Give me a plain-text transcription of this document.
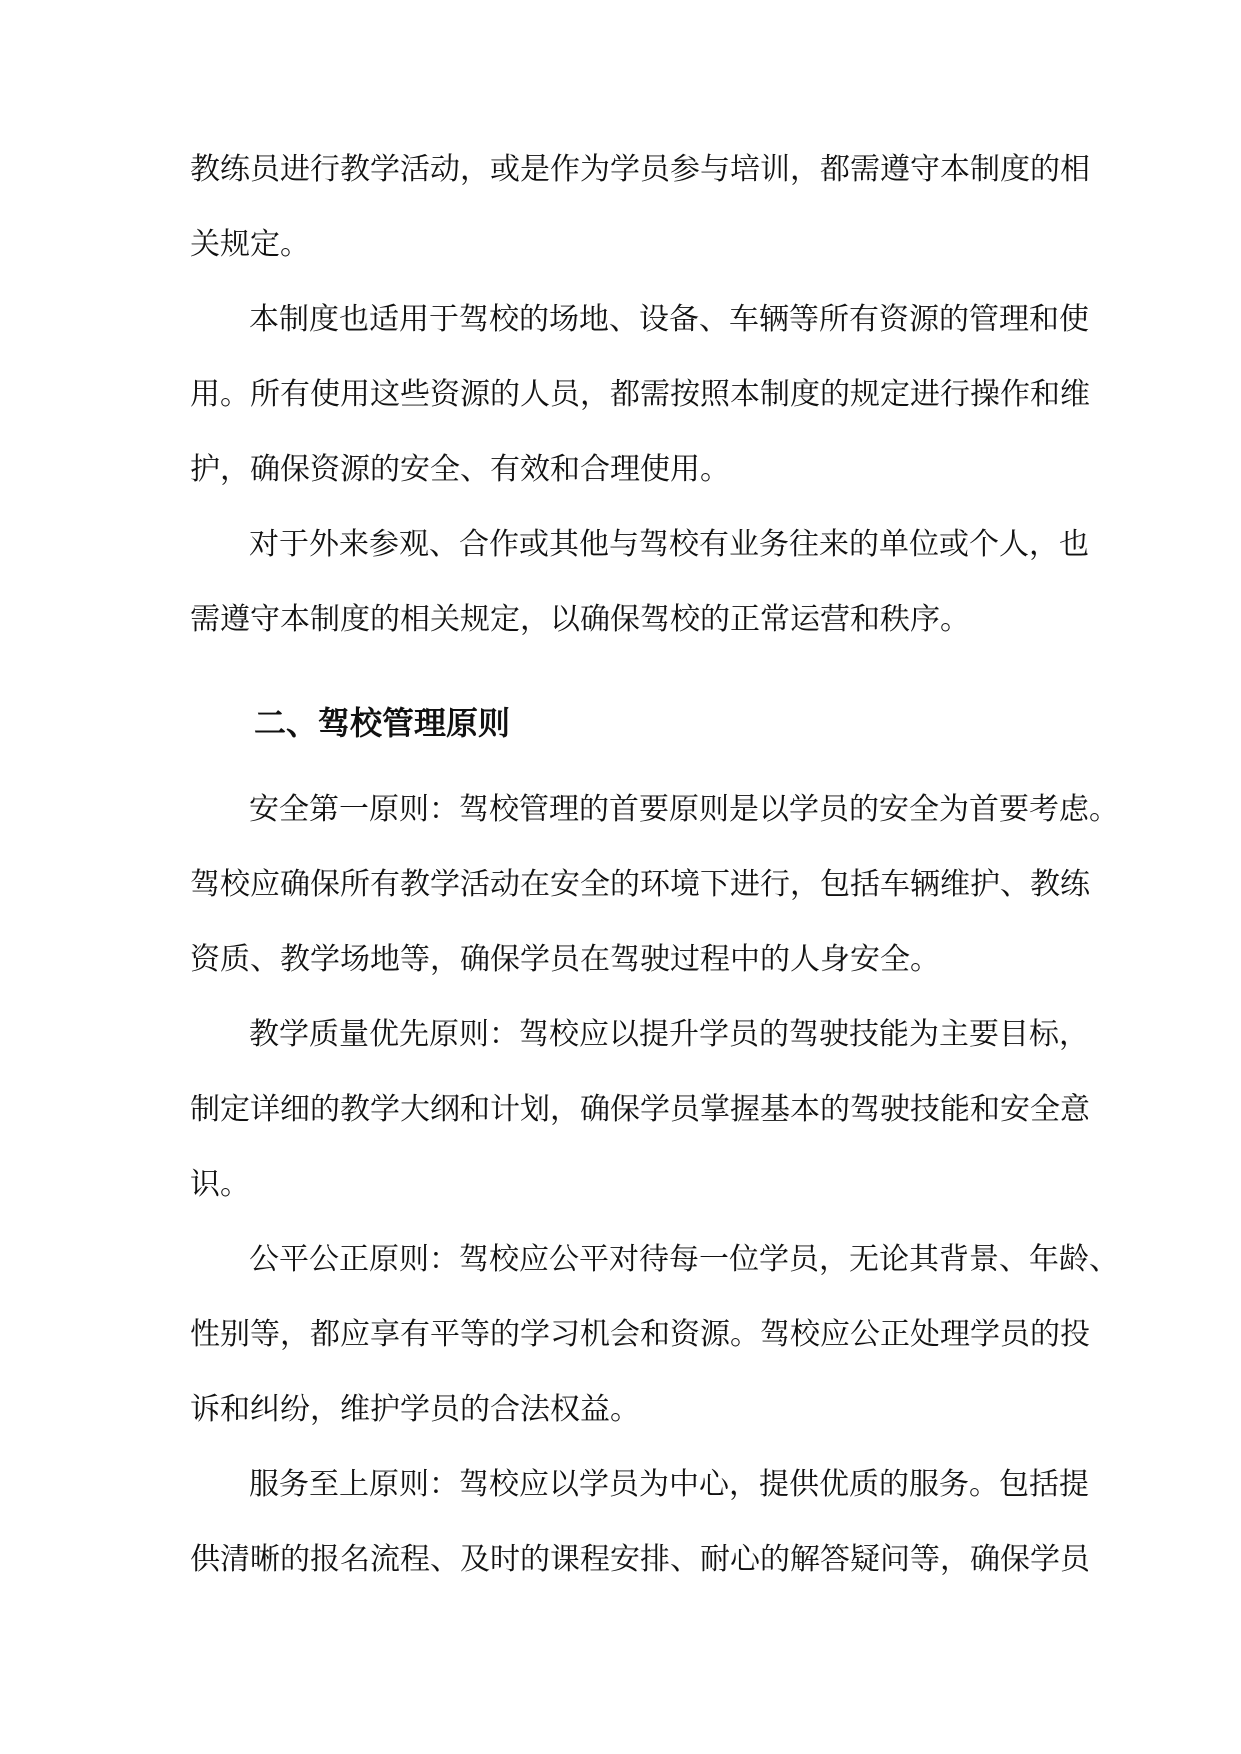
教练员进行教学活动，或是作为学员参与培训，都需遵守本制度的相
关规定。
本制度也适用于驾校的场地、设备、车辆等所有资源的管理和使
用。所有使用这些资源的人员，都需按照本制度的规定进行操作和维
护，确保资源的安全、有效和合理使用。
对于外来参观、合作或其他与驾校有业务往来的单位或个人，也
需遵守本制度的相关规定，以确保驾校的正常运营和秩序。
二、驾校管理原则
安全第一原则：驾校管理的首要原则是以学员的安全为首要考虑。
驾校应确保所有教学活动在安全的环境下进行，包括车辆维护、教练
资质、教学场地等，确保学员在驾驶过程中的人身安全。
教学质量优先原则：驾校应以提升学员的驾驶技能为主要目标，
制定详细的教学大纲和计划，确保学员掌握基本的驾驶技能和安全意
识。
公平公正原则：驾校应公平对待每一位学员，无论其背景、年龄、
性别等，都应享有平等的学习机会和资源。驾校应公正处理学员的投
诉和纠纷，维护学员的合法权益。
服务至上原则：驾校应以学员为中心，提供优质的服务。包括提
供清晰的报名流程、及时的课程安排、耐心的解答疑问等，确保学员
